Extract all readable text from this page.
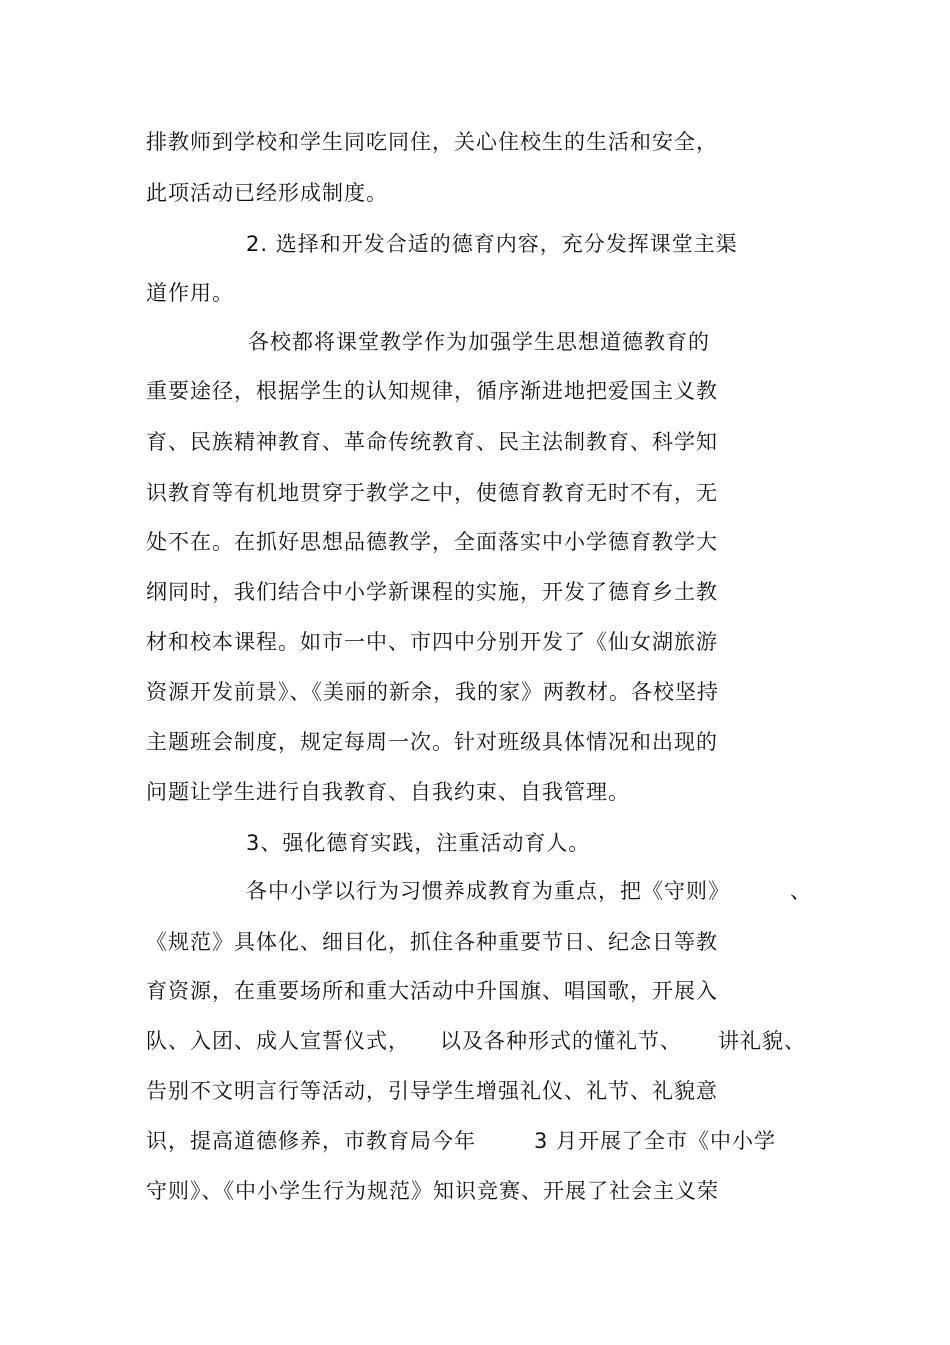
排教师到学校和学生同吃同住，关心住校生的生活和安全，
此项活动已经形成制度。
2. 选择和开发合适的德育内容，充分发挥课堂主渠
道作用。
各校都将课堂教学作为加强学生思想道德教育的
重要途径，根据学生的认知规律，循序渐进地把爱国主义教
育、民族精神教育、革命传统教育、民主法制教育、科学知
识教育等有机地贯穿于教学之中，使德育教育无时不有，无
处不在。在抓好思想品德教学，全面落实中小学德育教学大
纲同时，我们结合中小学新课程的实施，开发了德育乡土教
材和校本课程。如市一中、市四中分别开发了《仙女湖旅游
资源开发前景》、《美丽的新余，我的家》两教材。各校坚持
主题班会制度，规定每周一次。针对班级具体情况和出现的
问题让学生进行自我教育、自我约束、自我管理。
3、强化德育实践，注重活动育人。
各中小学以行为习惯养成教育为重点，把《守则》	、
《规范》具体化、细目化，抓住各种重要节日、纪念日等教
育资源，在重要场所和重大活动中升国旗、唱国歌，开展入
队、入团、成人宣誓仪式， 以及各种形式的懂礼节、 讲礼貌、
告别不文明言行等活动，引导学生增强礼仪、礼节、礼貌意
识，提高道德修养，市教育局今年	3 月开展了全市《中小学
守则》、《中小学生行为规范》知识竞赛、开展了社会主义荣
